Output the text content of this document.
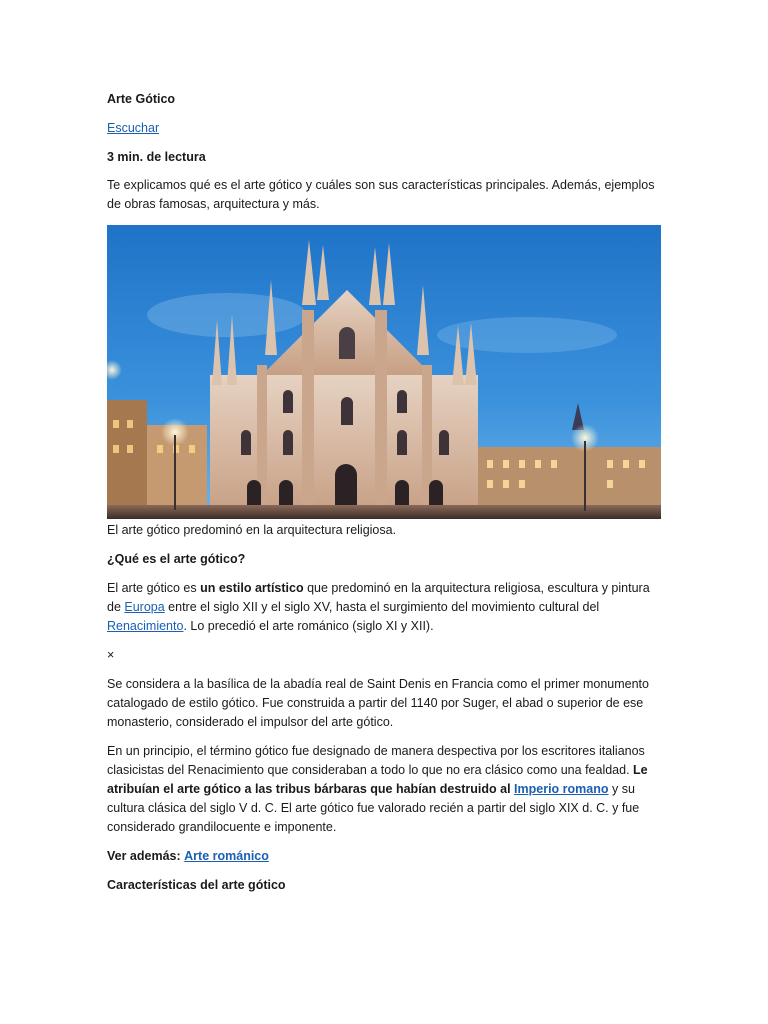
Arte Gótico

Escuchar

3 min. de lectura

Te explicamos qué es el arte gótico y cuáles son sus características principales. Además, ejemplos de obras famosas, arquitectura y más.

El arte gótico predominó en la arquitectura religiosa.

¿Qué es el arte gótico?

El arte gótico es un estilo artístico que predominó en la arquitectura religiosa, escultura y pintura de Europa entre el siglo XII y el siglo XV, hasta el surgimiento del movimiento cultural del Renacimiento. Lo precedió el arte románico (siglo XI y XII).

×

Se considera a la basílica de la abadía real de Saint Denis en Francia como el primer monumento catalogado de estilo gótico. Fue construida a partir del 1140 por Suger, el abad o superior de ese monasterio, considerado el impulsor del arte gótico.

En un principio, el término gótico fue designado de manera despectiva por los escritores italianos clasicistas del Renacimiento que consideraban a todo lo que no era clásico como una fealdad. Le atribuían el arte gótico a las tribus bárbaras que habían destruido al Imperio romano y su cultura clásica del siglo V d. C. El arte gótico fue valorado recién a partir del siglo XIX d. C. y fue considerado grandilocuente e imponente.

Ver además: Arte románico

Características del arte gótico
